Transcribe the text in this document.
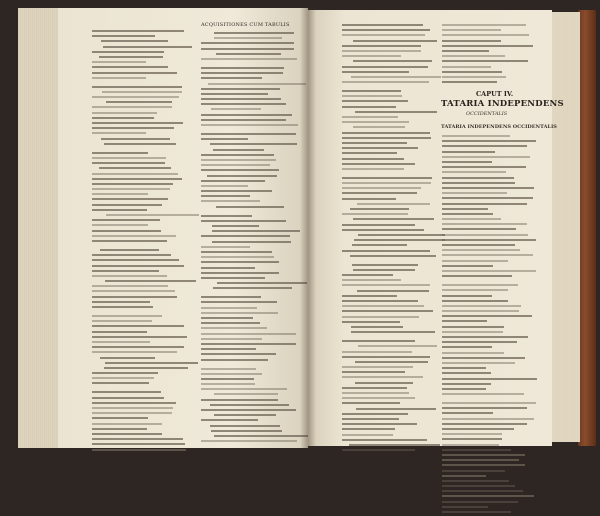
ACQUISITIONES CUM TABULIS
CAPUT IV.
TATARIA INDEPENDENS
OCCIDENTALIS
TATARIA INDEPENDENS OCCIDENTALIS
